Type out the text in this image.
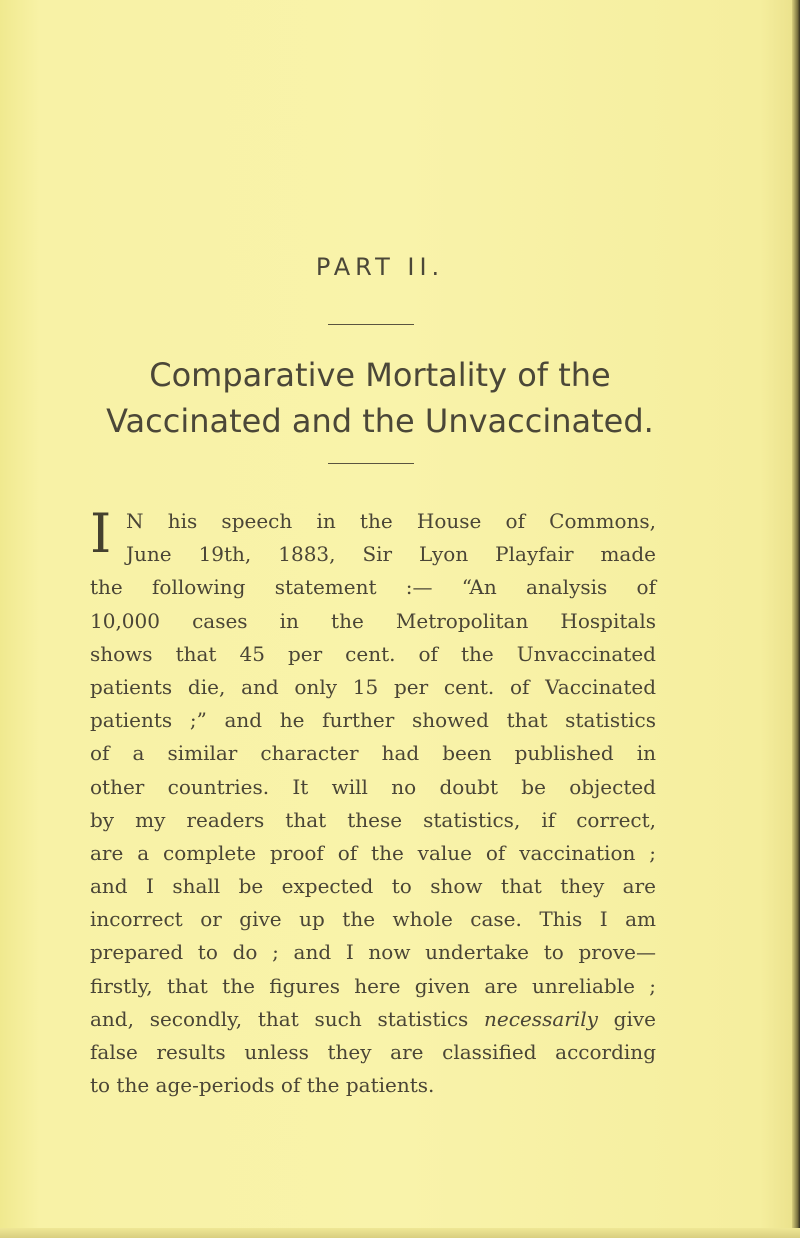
PART II.
Comparative Mortality of the
Vaccinated and the Unvaccinated.
I N his speech in the House of Commons,
June 19th, 1883, Sir Lyon Playfair made
the following statement :— “An analysis of
10,000 cases in the Metropolitan Hospitals
shows that 45 per cent. of the Unvaccinated
patients die, and only 15 per cent. of Vaccinated
patients ;” and he further showed that statistics
of a similar character had been published in
other countries. It will no doubt be objected
by my readers that these statistics, if correct,
are a complete proof of the value of vaccination ;
and I shall be expected to show that they are
incorrect or give up the whole case. This I am
prepared to do ; and I now undertake to prove—
firstly, that the figures here given are unreliable ;
and, secondly, that such statistics necessarily give
false results unless they are classified according
to the age-periods of the patients.
